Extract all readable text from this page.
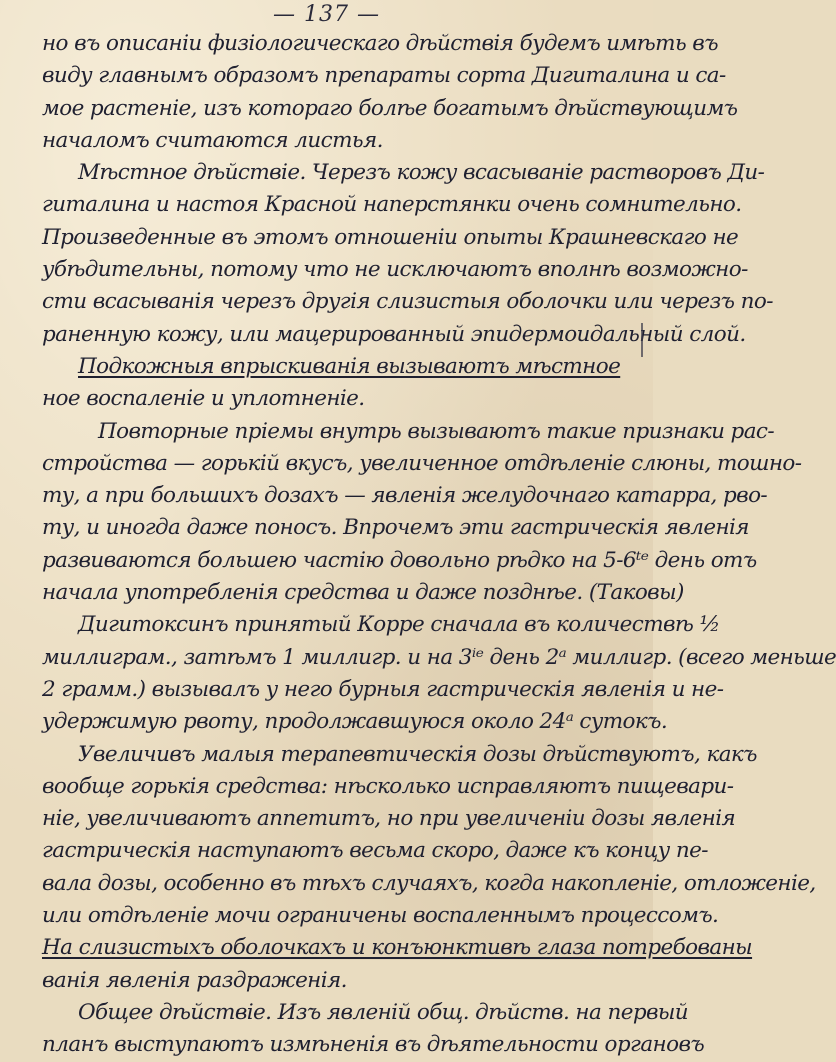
— 137 —
но въ описаніи физіологическаго дѣйствія будемъ имѣть въ
виду главнымъ образомъ препараты сорта Дигиталина и са-
мое растеніе, изъ котораго болѣе богатымъ дѣйствующимъ
началомъ считаются листья.
Мѣстное дѣйствіе. Черезъ кожу всасываніе растворовъ Ди-
гиталина и настоя Красной наперстянки очень сомнительно.
Произведенные въ этомъ отношеніи опыты Крашневскаго не
убѣдительны, потому что не исключаютъ вполнѣ возможно-
сти всасыванія черезъ другія слизистыя оболочки или черезъ по-
раненную кожу, или мацерированный эпидермоидальный слой.
Подкожныя впрыскиванія вызываютъ мѣстное
ное воспаленіе и уплотненіе.
Повторные пріемы внутрь вызываютъ такие признаки рас-
стройства — горькій вкусъ, увеличенное отдѣленіе слюны, тошно-
ту, а при большихъ дозахъ — явленія желудочнаго катарра, рво-
ту, и иногда даже поносъ. Впрочемъ эти гастрическія явленія
развиваются большею частію довольно рѣдко на 5-6ᵗᵉ день отъ
начала употребленія средства и даже позднѣе. (Таковы)
Дигитоксинъ принятый Корре сначала въ количествѣ ½
миллиграм., затѣмъ 1 миллигр. и на 3ⁱᵉ день 2ᵃ миллигр. (всего меньше
2 грамм.) вызывалъ у него бурныя гастрическія явленія и не-
удержимую рвоту, продолжавшуюся около 24ᵃ сутокъ.
Увеличивъ малыя терапевтическія дозы дѣйствуютъ, какъ
вообще горькія средства: нѣсколько исправляютъ пищевари-
ніе, увеличиваютъ аппетитъ, но при увеличеніи дозы явленія
гастрическія наступаютъ весьма скоро, даже къ концу пе-
вала дозы, особенно въ тѣхъ случаяхъ, когда накопленіе, отложеніе,
или отдѣленіе мочи ограничены воспаленнымъ процессомъ.
На слизистыхъ оболочкахъ и конъюнктивѣ глаза потребованы
ванія явленія раздраженія.
Общее дѣйствіе. Изъ явленій общ. дѣйств. на первый
планъ выступаютъ измѣненія въ дѣятельности органовъ
